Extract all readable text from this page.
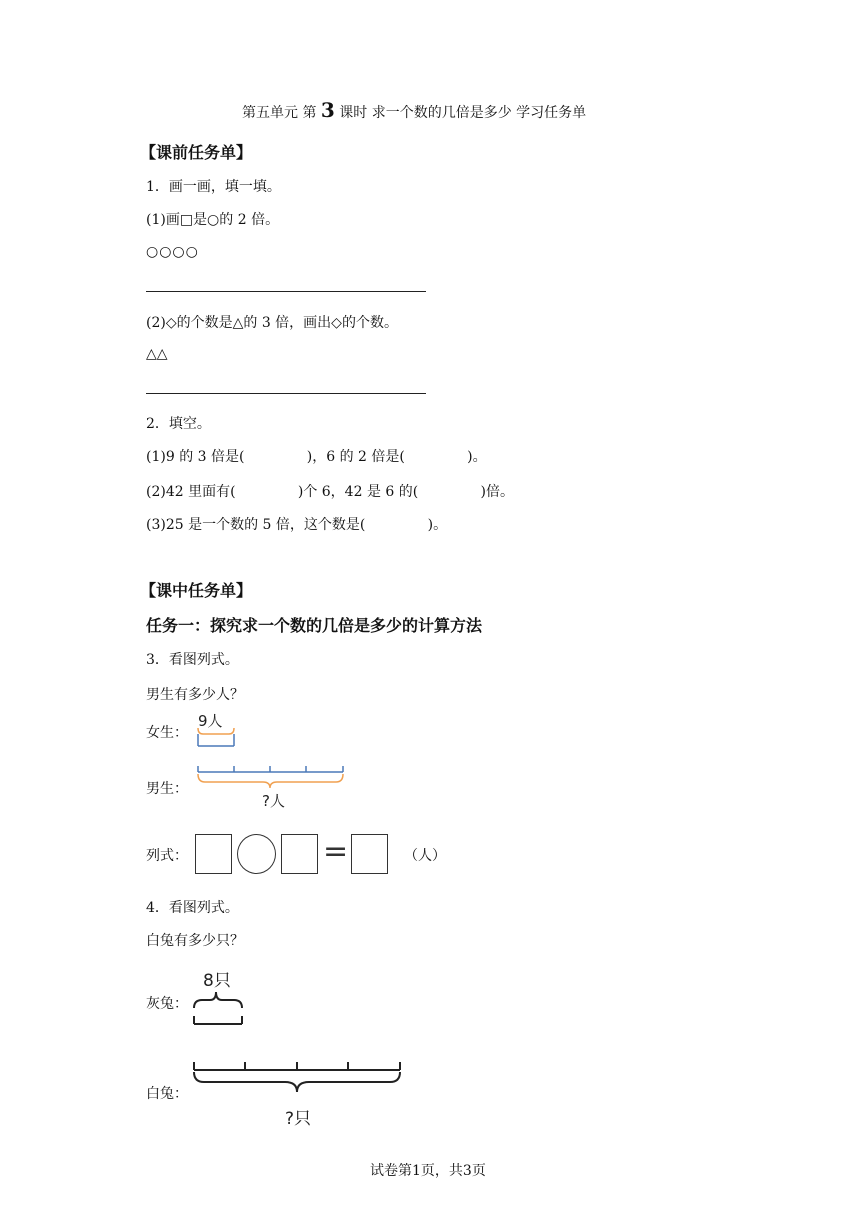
第五单元 第 3 课时 求一个数的几倍是多少 学习任务单
【课前任务单】
1．画一画，填一填。
(1)画□是○的 2 倍。
○○○○
(2)◇的个数是△的 3 倍，画出◇的个数。
△△
2．填空。
(1)9 的 3 倍是(              )，6 的 2 倍是(              )。
(2)42 里面有(              )个 6，42 是 6 的(              )倍。
(3)25 是一个数的 5 倍，这个数是(              )。
【课中任务单】
任务一：探究求一个数的几倍是多少的计算方法
3．看图列式。
男生有多少人？
女生：
9人
男生：
?人
列式：	=	（人）
4．看图列式。
白兔有多少只？
8只
灰兔：
白兔：
?只
试卷第1页，共3页
